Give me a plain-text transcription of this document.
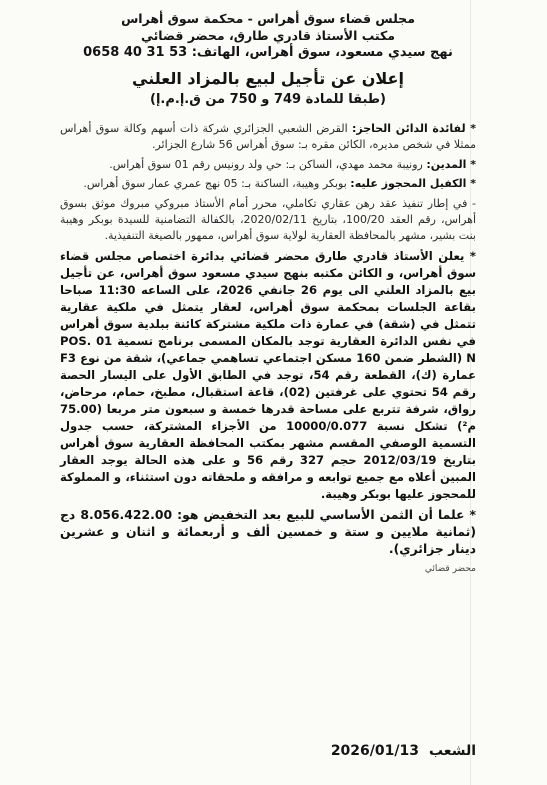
مجلس قضاء سوق أهراس - محكمة سوق أهراس
مكتب الأستاذ قادري طارق، محضر قضائي
نهج سيدي مسعود، سوق أهراس، الهاتف: 53 31 40 0658
إعلان عن تأجيل لبيع بالمزاد العلني
(طبقا للمادة 749 و 750 من ق.إ.م.إ)

* لفائدة الدائن الحاجز: القرض الشعبي الجزائري شركة ذات أسهم وكالة سوق أهراس ممثلا في شخص مديره، الكائن مقره بـ: سوق أهراس 56 شارع الجزائر.

* المدين: رونيبة محمد مهدي، الساكن بـ: حي ولد رونيس رقم 01 سوق أهراس.

* الكفيل المحجوز عليه: بوبكر وهيبة، الساكنة بـ: 05 نهج عمري عمار سوق أهراس.

- في إطار تنفيذ عقد رهن عقاري تكاملي، محرر أمام الأستاذ مبروكي مبروك موثق بسوق أهراس، رقم العقد 100/20، بتاريخ 2020/02/11، بالكفالة التضامنية للسيدة بوبكر وهيبة بنت بشير، مشهر بالمحافظة العقارية لولاية سوق أهراس، ممهور بالصيغة التنفيذية.

* يعلن الأستاذ قادري طارق محضر قضائي بدائرة اختصاص مجلس قضاء سوق أهراس، و الكائن مكتبه بنهج سيدي مسعود سوق أهراس، عن تأجيل بيع بالمزاد العلني الى يوم 26 جانفي 2026، على الساعه 11:30 صباحا بقاعة الجلسات بمحكمة سوق أهراس، لعقار يتمثل في ملكية عقارية تتمثل في (شقة) في عمارة ذات ملكية مشتركة كائنة ببلدية سوق أهراس في نفس الدائرة العقارية توجد بالمكان المسمى برنامج تسمية 01 .POS N (الشطر ضمن 160 مسكن اجتماعي تساهمي جماعي)، شقة من نوع F3 عمارة (ك)، القطعة رقم 54، توجد في الطابق الأول على اليسار الحصة رقم 54 تحتوي على غرفتين (02)، قاعة استقبال، مطبخ، حمام، مرحاض، رواق، شرفة تتربع على مساحة قدرها خمسة و سبعون متر مربعا (75.00 م²) تشكل نسبة 10000/0.077 من الأجزاء المشتركة، حسب جدول التسمية الوصفي المقسم مشهر بمكتب المحافظة العقارية سوق أهراس بتاريخ 2012/03/19 حجم 327 رقم 56 و على هذه الحالة يوجد العقار المبين أعلاه مع جميع توابعه و مرافقه و ملحقاته دون استثناء، و المملوكة للمحجوز عليها بوبكر وهيبة.

* علما أن الثمن الأساسي للبيع بعد التخفيض هو: 8.056.422.00 دج (ثمانية ملايين و ستة و خمسين ألف و أربعمائة و اثنان و عشرين دينار جزائري).

محضر قضائي
الشعب
2026/01/13
